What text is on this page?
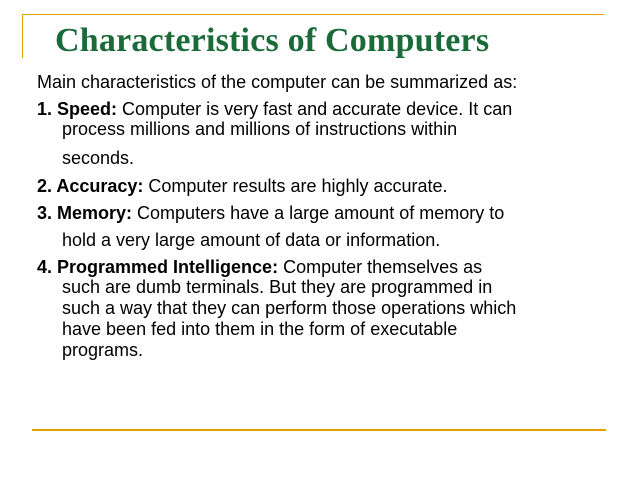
Characteristics of Computers
Main characteristics of the computer can be summarized as:
1. Speed: Computer is very fast and accurate device. It can
process millions and millions of instructions within
seconds.
2. Accuracy: Computer results are highly accurate.
3. Memory: Computers have a large amount of memory to
hold a very large amount of data or information.
4. Programmed Intelligence: Computer themselves as
such are dumb terminals. But they are programmed in
such a way that they can perform those operations which
have been fed into them in the form of executable
programs.
